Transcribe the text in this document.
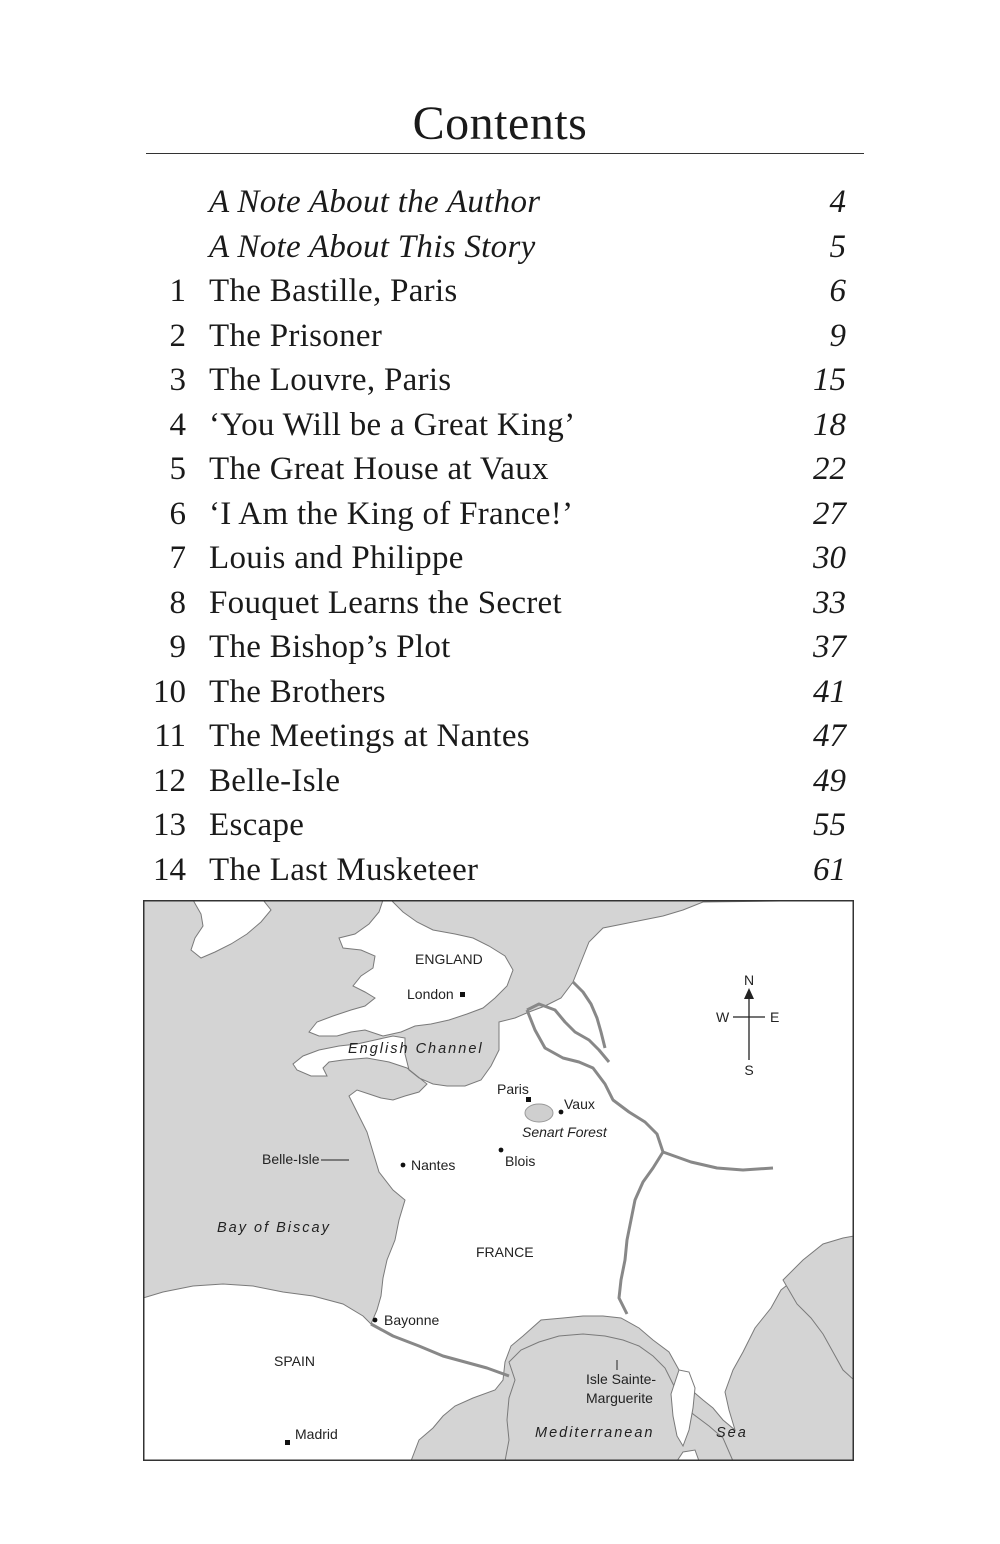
Contents
A Note About the Author	4
A Note About This Story	5
1 The Bastille, Paris	6
2 The Prisoner	9
3 The Louvre, Paris	15
4 ‘You Will be a Great King’	18
5 The Great House at Vaux	22
6 ‘I Am the King of France!’	27
7 Louis and Philippe	30
8 Fouquet Learns the Secret	33
9 The Bishop’s Plot	37
10 The Brothers	41
11 The Meetings at Nantes	47
12 Belle-Isle	49
13 Escape	55
14 The Last Musketeer	61
N
S
E
W
ENGLAND
London
English Channel
Paris
Vaux
Senart Forest
Belle-Isle	Nantes	Blois
Bay of Biscay
FRANCE
Bayonne
SPAIN
Isle Sainte-
Marguerite
Madrid	Mediterranean	Sea
